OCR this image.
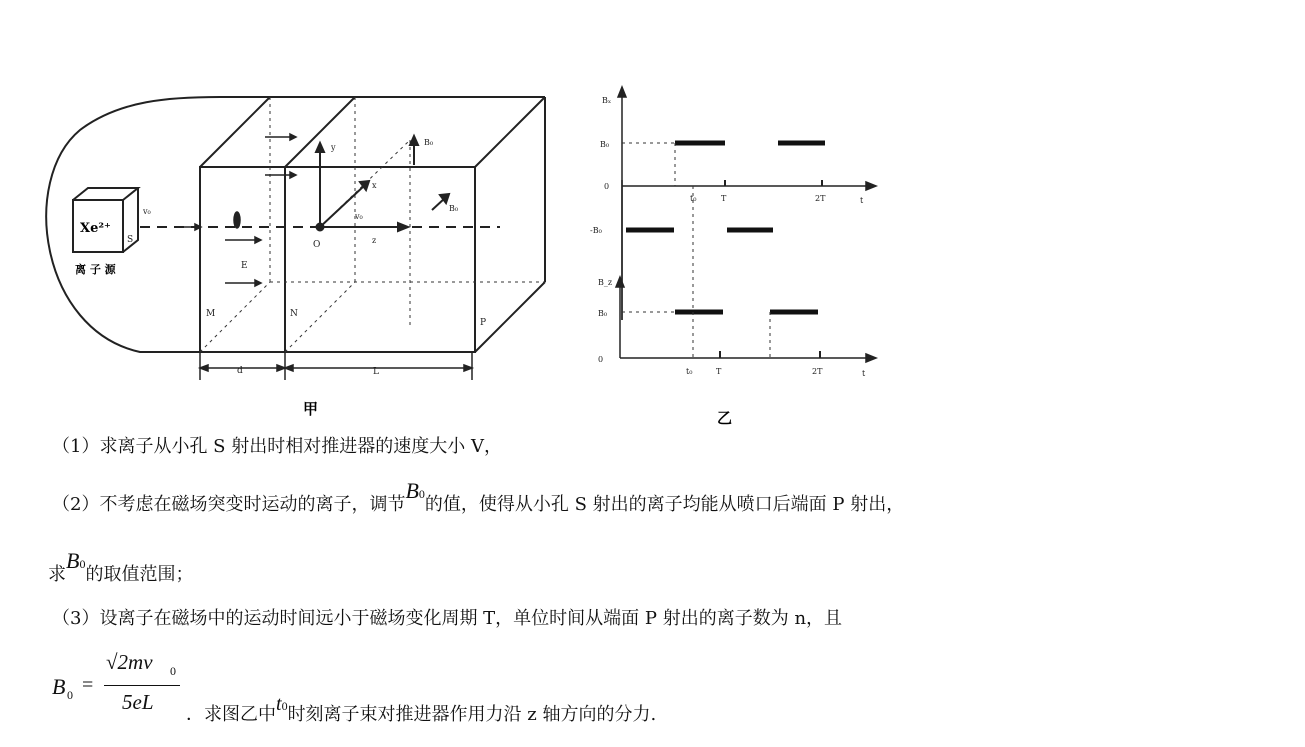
Xe²⁺
S
离 子 源
v₀
y
x
z
O
v₀
B₀
B₀
E
M	N
P
d	L
甲
Bₓ
B₀
0
-B₀
t₀	T	2T	t
B_z
B₀
0
t₀	T	2T	t
乙
（1）求离子从小孔 S 射出时相对推进器的速度大小 V，
（2）不考虑在磁场突变时运动的离子，调节B0的值，使得从小孔 S 射出的离子均能从喷口后端面 P 射出，
求B0的取值范围；
（3）设离子在磁场中的运动时间远小于磁场变化周期 T，单位时间从端面 P 射出的离子数为 n，且
B 0 =
√2mv 0
5eL
．求图乙中t0时刻离子束对推进器作用力沿 z 轴方向的分力.
